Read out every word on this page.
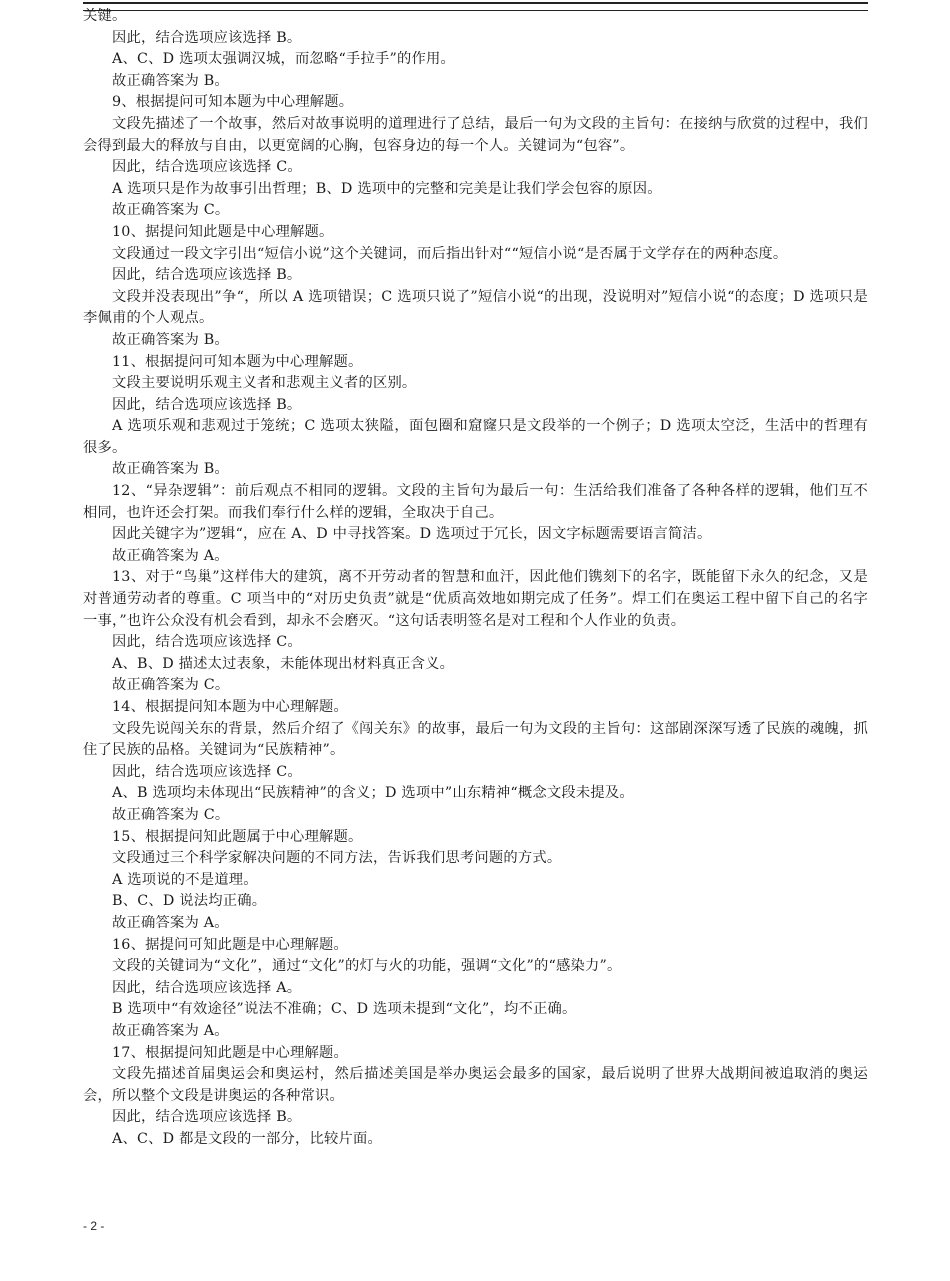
关键。

因此，结合选项应该选择 B。

A、C、D 选项太强调汉城，而忽略“手拉手”的作用。

故正确答案为 B。

9、根据提问可知本题为中心理解题。

文段先描述了一个故事，然后对故事说明的道理进行了总结，最后一句为文段的主旨句：在接纳与欣赏的过程中，我们会得到最大的释放与自由，以更宽阔的心胸，包容身边的每一个人。关键词为“包容”。

因此，结合选项应该选择 C。

A 选项只是作为故事引出哲理；B、D 选项中的完整和完美是让我们学会包容的原因。

故正确答案为 C。

10、据提问知此题是中心理解题。

文段通过一段文字引出“短信小说”这个关键词，而后指出针对““短信小说“是否属于文学存在的两种态度。

因此，结合选项应该选择 B。

文段并没表现出”争“，所以 A 选项错误；C 选项只说了”短信小说“的出现，没说明对”短信小说“的态度；D 选项只是李佩甫的个人观点。

故正确答案为 B。

11、根据提问可知本题为中心理解题。

文段主要说明乐观主义者和悲观主义者的区别。

因此，结合选项应该选择 B。

A 选项乐观和悲观过于笼统；C 选项太狭隘，面包圈和窟窿只是文段举的一个例子；D 选项太空泛，生活中的哲理有很多。

故正确答案为 B。

12、“异杂逻辑”：前后观点不相同的逻辑。文段的主旨句为最后一句：生活给我们准备了各种各样的逻辑，他们互不相同，也许还会打架。而我们奉行什么样的逻辑，全取决于自己。

因此关键字为”逻辑“，应在 A、D 中寻找答案。D 选项过于冗长，因文字标题需要语言简洁。

故正确答案为 A。

13、对于“鸟巢”这样伟大的建筑，离不开劳动者的智慧和血汗，因此他们镌刻下的名字，既能留下永久的纪念，又是对普通劳动者的尊重。C 项当中的“对历史负责”就是“优质高效地如期完成了任务”。焊工们在奥运工程中留下自己的名字一事，”也许公众没有机会看到，却永不会磨灭。“这句话表明签名是对工程和个人作业的负责。

因此，结合选项应该选择 C。

A、B、D 描述太过表象，未能体现出材料真正含义。

故正确答案为 C。

14、根据提问知本题为中心理解题。

文段先说闯关东的背景，然后介绍了《闯关东》的故事，最后一句为文段的主旨句：这部剧深深写透了民族的魂魄，抓住了民族的品格。关键词为“民族精神”。

因此，结合选项应该选择 C。

A、B 选项均未体现出“民族精神”的含义；D 选项中”山东精神“概念文段未提及。

故正确答案为 C。

15、根据提问知此题属于中心理解题。

文段通过三个科学家解决问题的不同方法，告诉我们思考问题的方式。

A 选项说的不是道理。

B、C、D 说法均正确。

故正确答案为 A。

16、据提问可知此题是中心理解题。

文段的关键词为“文化”，通过“文化”的灯与火的功能，强调“文化”的“感染力”。

因此，结合选项应该选择 A。

B 选项中“有效途径”说法不准确；C、D 选项未提到“文化”，均不正确。

故正确答案为 A。

17、根据提问知此题是中心理解题。

文段先描述首届奥运会和奥运村，然后描述美国是举办奥运会最多的国家，最后说明了世界大战期间被追取消的奥运会，所以整个文段是讲奥运的各种常识。

因此，结合选项应该选择 B。

A、C、D 都是文段的一部分，比较片面。

- 2 -
